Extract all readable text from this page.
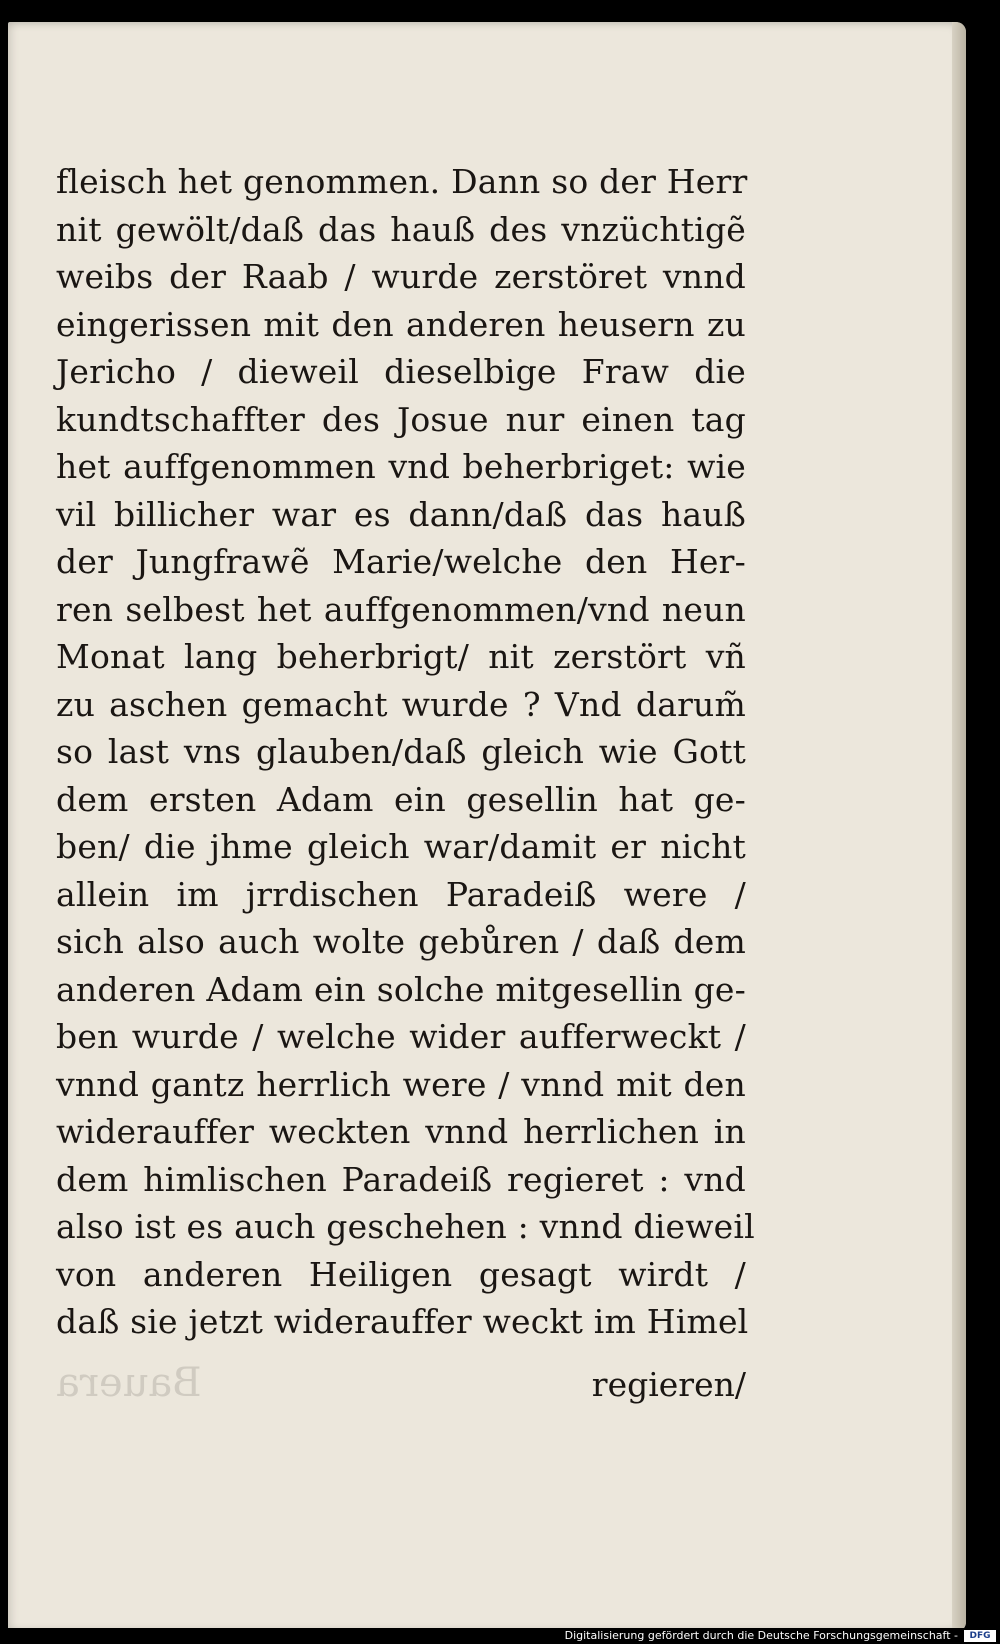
fleisch het genommen. Dann so der Herr
nit gewölt/daß das hauß des vnzüchtigẽ
weibs der Raab / wurde zerstöret vnnd
eingerissen mit den anderen heusern zu
Jericho / dieweil dieselbige Fraw die
kundtschaffter des Josue nur einen tag
het auffgenommen vnd beherbriget: wie
vil billicher war es dann/daß das hauß
der Jungfrawẽ Marie/welche den Her-
ren selbest het auffgenommen/vnd neun
Monat lang beherbrigt/ nit zerstört vñ
zu aschen gemacht wurde ? Vnd darum̃
so last vns glauben/daß gleich wie Gott
dem ersten Adam ein gesellin hat ge-
ben/ die jhme gleich war/damit er nicht
allein im jrrdischen Paradeiß were /
sich also auch wolte gebůren / daß dem
anderen Adam ein solche mitgesellin ge-
ben wurde / welche wider aufferweckt /
vnnd gantz herrlich were / vnnd mit den
widerauffer weckten vnnd herrlichen in
dem himlischen Paradeiß regieret : vnd
also ist es auch geschehen : vnnd dieweil
von anderen Heiligen gesagt wirdt /
daß sie jetzt widerauffer weckt im Himel
Bauera	regieren/
Digitalisierung gefördert durch die Deutsche Forschungsgemeinschaft -	DFG
